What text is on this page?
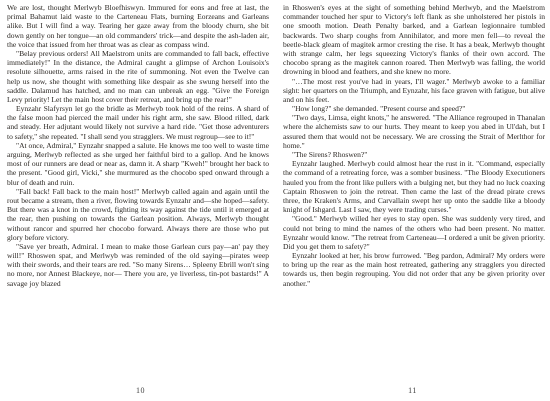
We are lost, thought Merlwyb Bloefhiswyn. Immured for eons and free at last, the primal Bahamut laid waste to the Carteneau Flats, burning Eorzeans and Garleans alike. But I will find a way. Tearing her gaze away from the bloody churn, she bit down gently on her tongue—an old commanders' trick—and despite the ash-laden air, the voice that issued from her throat was as clear as compass wind.

"Belay previous orders! All Maelstrom units are commanded to fall back, effective immediately!" In the distance, the Admiral caught a glimpse of Archon Louisoix's resolute silhouette, arms raised in the rite of summoning. Not even the Twelve can help us now, she thought with something like despair as she swung herself into the saddle. Dalamud has hatched, and no man can unbreak an egg. "Give the Foreign Levy priority! Let the main host cover their retreat, and bring up the rear!"

Eynzahr Slafyrsyn let go the bridle as Merlwyb took hold of the reins. A shard of the false moon had pierced the mail under his right arm, she saw. Blood rilled, dark and steady. Her adjutant would likely not survive a hard ride. "Get those adventurers to safety," she repeated. "I shall send you stragglers. We must regroup—see to it!"

"At once, Admiral," Eynzahr snapped a salute. He knows me too well to waste time arguing, Merlwyb reflected as she urged her faithful bird to a gallop. And he knows most of our runners are dead or near as, damn it. A sharp "Kweh!" brought her back to the present. "Good girl, Vicki," she murmured as the chocobo sped onward through a blur of death and ruin.

"Fall back! Fall back to the main host!" Merlwyb called again and again until the rout became a stream, then a river, flowing towards Eynzahr and—she hoped—safety. But there was a knot in the crowd, fighting its way against the tide until it emerged at the rear, then pushing on towards the Garlean position. Always, Merlwyb thought without rancor and spurred her chocobo forward. Always there are those who put glory before victory.

"Save yer breath, Admiral. I mean to make those Garlean curs pay—an' pay they will!" Rhoswen spat, and Merlwyb was reminded of the old saying—pirates weep with their swords, and their tears are red. "So many Sirens… Spleeny Ebrill won't sing no more, nor Annest Blackeye, nor— There you are, ye liverless, tin-pot bastards!" A savage joy blazed

10

in Rhoswen's eyes at the sight of something behind Merlwyb, and the Maelstrom commander touched her spur to Victory's left flank as she unholstered her pistols in one smooth motion. Death Penalty barked, and a Garlean legionnaire tumbled backwards. Two sharp coughs from Annihilator, and more men fell—to reveal the beetle-black gleam of magitek armor cresting the rise. It has a beak, Merlwyb thought with strange calm, her legs squeezing Victory's flanks of their own accord. The chocobo sprang as the magitek cannon roared. Then Merlwyb was falling, the world drowning in blood and feathers, and she knew no more.

"…The most rest you've had in years, I'll wager." Merlwyb awoke to a familiar sight: her quarters on the Triumph, and Eynzahr, his face graven with fatigue, but alive and on his feet.

"How long?" she demanded. "Present course and speed?"

"Two days, Limsa, eight knots," he answered. "The Alliance regrouped in Thanalan where the alchemists saw to our hurts. They meant to keep you abed in Ul'dah, but I assured them that would not be necessary. We are crossing the Strait of Merlthor for home."

"The Sirens? Rhoswen?"

Eynzahr laughed. Merlwyb could almost hear the rust in it. "Command, especially the command of a retreating force, was a somber business. "The Bloody Executioners hauled you from the front like pullers with a bulging net, but they had no luck coaxing Captain Rhoswen to join the retreat. Then came the last of the dread pirate crews three, the Kraken's Arms, and Carvallain swept her up onto the saddle like a bloody knight of Ishgard. Last I saw, they were trading curses."

"Good." Merlwyb willed her eyes to stay open. She was suddenly very tired, and could not bring to mind the names of the others who had been present. No matter. Eynzahr would know. "The retreat from Carteneau—I ordered a unit be given priority. Did you get them to safety?"

Eynzahr looked at her, his brow furrowed. "Beg pardon, Admiral? My orders were to bring up the rear as the main host retreated, gathering any stragglers you directed towards us, then begin regrouping. You did not order that any be given priority over another."

11
